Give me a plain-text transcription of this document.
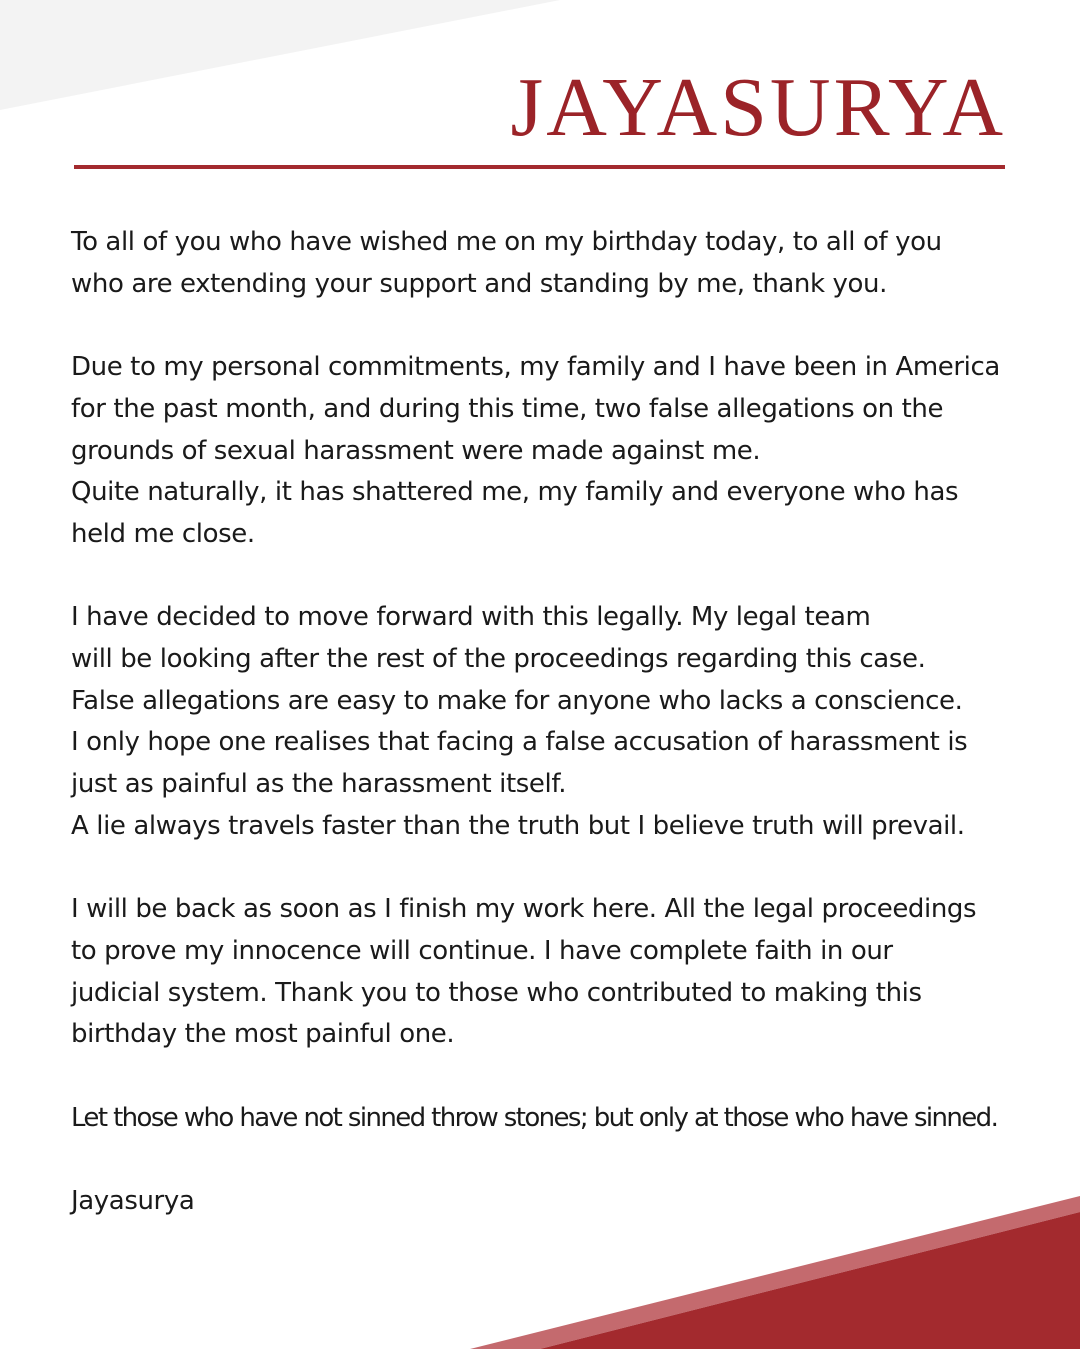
JAYASURYA

To all of you who have wished me on my birthday today, to all of you
who are extending your support and standing by me, thank you.

Due to my personal commitments, my family and I have been in America
for the past month, and during this time, two false allegations on the
grounds of sexual harassment were made against me.
Quite naturally, it has shattered me, my family and everyone who has
held me close.

I have decided to move forward with this legally. My legal team
will be looking after the rest of the proceedings regarding this case.
False allegations are easy to make for anyone who lacks a conscience.
I only hope one realises that facing a false accusation of harassment is
just as painful as the harassment itself.
A lie always travels faster than the truth but I believe truth will prevail.

I will be back as soon as I finish my work here. All the legal proceedings
to prove my innocence will continue. I have complete faith in our
judicial system. Thank you to those who contributed to making this
birthday the most painful one.

Let those who have not sinned throw stones; but only at those who have sinned.

Jayasurya
